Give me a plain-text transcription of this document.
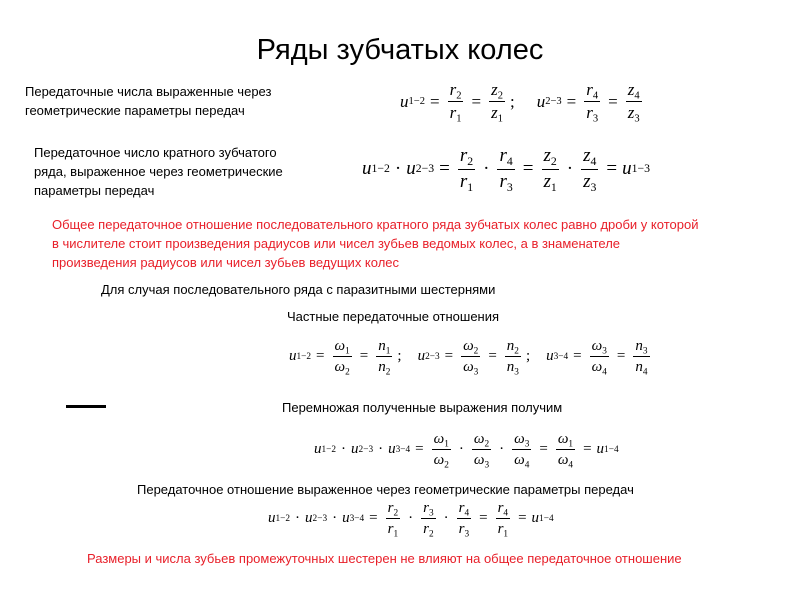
Ряды зубчатых колес
Передаточные числа выраженные через
геометрические параметры передач
Передаточное число кратного зубчатого
ряда, выраженное через геометрические
параметры передач
Общее передаточное отношение последовательного кратного ряда зубчатых колес равно дроби у которой
в числителе стоит произведения радиусов или чисел зубьев ведомых колес, а в знаменателе
произведения радиусов или чисел зубьев ведущих колес
Для случая последовательного ряда с паразитными шестернями
Частные передаточные отношения
Перемножая полученные выражения получим
Передаточное отношение выраженное через геометрические параметры передач
Размеры и числа зубьев промежуточных шестерен не влияют на общее передаточное отношение
u $1-2 = \frac{r_2}{r_1} = \frac{z_2}{z_1}$ ; u $2-3 = \frac{r_4}{r_3} = \frac{z_4}{z_3}$
u 1−2 · u $2-3 = \frac{r_2}{r_1} \cdot \frac{r_4}{r_3} = \frac{z_2}{z_1} \cdot \frac{z_4}{z_3} = u$ 1−3
u $1-2 = \frac{\omega_1}{\omega_2} = \frac{n_1}{n_2}$ ; u $2-3 = \frac{\omega_2}{\omega_3} = \frac{n_2}{n_3}$ ; u $3-4 = \frac{\omega_3}{\omega_4} = \frac{n_3}{n_4}$
u 1−2 · u 2−3 · u $3-4 = \frac{\omega_1}{\omega_2} \cdot \frac{\omega_2}{\omega_3} \cdot \frac{\omega_3}{\omega_4} = \frac{\omega_1}{\omega_4} = u$ 1−4
u 1−2 · u 2−3 · u $3-4 = \frac{r_2}{r_1} \cdot \frac{r_3}{r_2} \cdot \frac{r_4}{r_3} = \frac{r_4}{r_1} = u$ 1−4
